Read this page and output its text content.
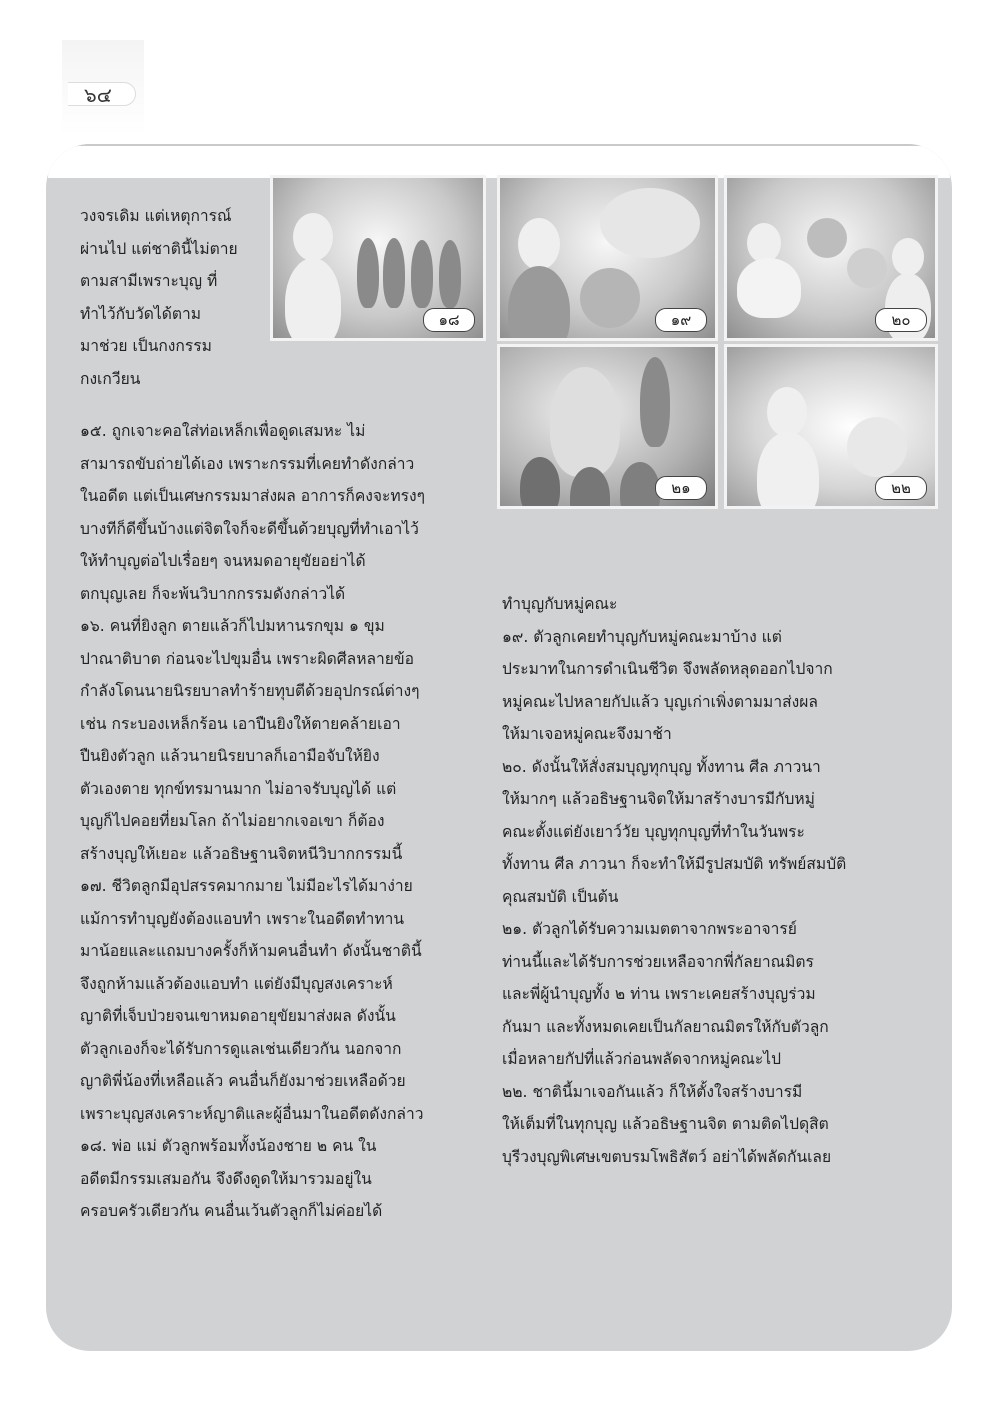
๖๔
๑๘	๑๙	๒๐
๒๑	๒๒
วงจรเดิม แต่เหตุการณ์
ผ่านไป แต่ชาตินี้ไม่ตาย
ตามสามีเพราะบุญ ที่
ทำไว้กับวัดได้ตาม
มาช่วย เป็นกงกรรม
กงเกวียน
๑๕. ถูกเจาะคอใส่ท่อเหล็กเพื่อดูดเสมหะ ไม่
สามารถขับถ่ายได้เอง เพราะกรรมที่เคยทำดังกล่าว
ในอดีต แต่เป็นเศษกรรมมาส่งผล อาการก็คงจะทรงๆ
บางทีก็ดีขึ้นบ้างแต่จิตใจก็จะดีขึ้นด้วยบุญที่ทำเอาไว้
ให้ทำบุญต่อไปเรื่อยๆ จนหมดอายุขัยอย่าได้
ตกบุญเลย ก็จะพ้นวิบากกรรมดังกล่าวได้
๑๖. คนที่ยิงลูก ตายแล้วก็ไปมหานรกขุม ๑ ขุม
ปาณาติบาต ก่อนจะไปขุมอื่น เพราะผิดศีลหลายข้อ
กำลังโดนนายนิรยบาลทำร้ายทุบตีด้วยอุปกรณ์ต่างๆ
เช่น กระบองเหล็กร้อน เอาปืนยิงให้ตายคล้ายเอา
ปืนยิงตัวลูก แล้วนายนิรยบาลก็เอามือจับให้ยิง
ตัวเองตาย ทุกข์ทรมานมาก ไม่อาจรับบุญได้ แต่
บุญก็ไปคอยที่ยมโลก ถ้าไม่อยากเจอเขา ก็ต้อง
สร้างบุญให้เยอะ แล้วอธิษฐานจิตหนีวิบากกรรมนี้
๑๗. ชีวิตลูกมีอุปสรรคมากมาย ไม่มีอะไรได้มาง่าย
แม้การทำบุญยังต้องแอบทำ เพราะในอดีตทำทาน
มาน้อยและแถมบางครั้งก็ห้ามคนอื่นทำ ดังนั้นชาตินี้
จึงถูกห้ามแล้วต้องแอบทำ แต่ยังมีบุญสงเคราะห์
ญาติที่เจ็บป่วยจนเขาหมดอายุขัยมาส่งผล ดังนั้น
ตัวลูกเองก็จะได้รับการดูแลเช่นเดียวกัน นอกจาก
ญาติพี่น้องที่เหลือแล้ว คนอื่นก็ยังมาช่วยเหลือด้วย
เพราะบุญสงเคราะห์ญาติและผู้อื่นมาในอดีตดังกล่าว
๑๘. พ่อ แม่ ตัวลูกพร้อมทั้งน้องชาย ๒ คน ใน
อดีตมีกรรมเสมอกัน จึงดึงดูดให้มารวมอยู่ใน
ครอบครัวเดียวกัน คนอื่นเว้นตัวลูกก็ไม่ค่อยได้
ทำบุญกับหมู่คณะ
๑๙. ตัวลูกเคยทำบุญกับหมู่คณะมาบ้าง แต่
ประมาทในการดำเนินชีวิต จึงพลัดหลุดออกไปจาก
หมู่คณะไปหลายกัปแล้ว บุญเก่าเพิ่งตามมาส่งผล
ให้มาเจอหมู่คณะจึงมาช้า
๒๐. ดังนั้นให้สั่งสมบุญทุกบุญ ทั้งทาน ศีล ภาวนา
ให้มากๆ แล้วอธิษฐานจิตให้มาสร้างบารมีกับหมู่
คณะตั้งแต่ยังเยาว์วัย บุญทุกบุญที่ทำในวันพระ
ทั้งทาน ศีล ภาวนา ก็จะทำให้มีรูปสมบัติ ทรัพย์สมบัติ
คุณสมบัติ เป็นต้น
๒๑. ตัวลูกได้รับความเมตตาจากพระอาจารย์
ท่านนี้และได้รับการช่วยเหลือจากพี่กัลยาณมิตร
และพี่ผู้นำบุญทั้ง ๒ ท่าน เพราะเคยสร้างบุญร่วม
กันมา และทั้งหมดเคยเป็นกัลยาณมิตรให้กับตัวลูก
เมื่อหลายกัปที่แล้วก่อนพลัดจากหมู่คณะไป
๒๒. ชาตินี้มาเจอกันแล้ว ก็ให้ตั้งใจสร้างบารมี
ให้เต็มที่ในทุกบุญ แล้วอธิษฐานจิต ตามติดไปดุสิต
บุรีวงบุญพิเศษเขตบรมโพธิสัตว์ อย่าได้พลัดกันเลย
